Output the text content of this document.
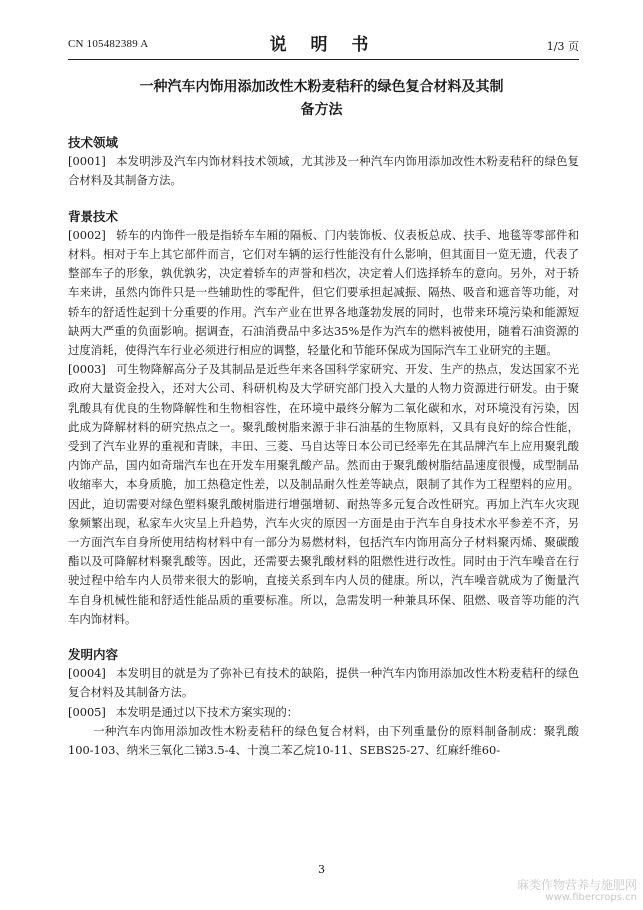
CN 105482389 A	说 明 书	1/3 页
一种汽车内饰用添加改性木粉麦秸秆的绿色复合材料及其制
备方法

技术领域

[0001] 本发明涉及汽车内饰材料技术领域，尤其涉及一种汽车内饰用添加改性木粉麦秸秆的绿色复合材料及其制备方法。

背景技术

[0002] 轿车的内饰件一般是指轿车车厢的隔板、门内装饰板、仪表板总成、扶手、地毯等零部件和材料。相对于车上其它部件而言，它们对车辆的运行性能没有什么影响，但其面目一览无遗，代表了整部车子的形象，孰优孰劣，决定着轿车的声誉和档次，决定着人们选择轿车的意向。另外，对于轿车来讲，虽然内饰件只是一些辅助性的零配件，但它们要承担起减振、隔热、吸音和遮音等功能，对轿车的舒适性起到十分重要的作用。汽车产业在世界各地蓬勃发展的同时，也带来环境污染和能源短缺两大严重的负面影响。据调查，石油消费品中多达35%是作为汽车的燃料被使用，随着石油资源的过度消耗，使得汽车行业必须进行相应的调整，轻量化和节能环保成为国际汽车工业研究的主题。

[0003] 可生物降解高分子及其制品是近些年来各国科学家研究、开发、生产的热点，发达国家不光政府大量资金投入，还对大公司、科研机构及大学研究部门投入大量的人物力资源进行研发。由于聚乳酸具有优良的生物降解性和生物相容性，在环境中最终分解为二氧化碳和水，对环境没有污染，因此成为降解材料的研究热点之一。聚乳酸树脂来源于非石油基的生物原料，又具有良好的综合性能，受到了汽车业界的重视和青睐，丰田、三菱、马自达等日本公司已经率先在其品牌汽车上应用聚乳酸内饰产品，国内如奇瑞汽车也在开发车用聚乳酸产品。然而由于聚乳酸树脂结晶速度很慢，成型制品收缩率大，本身质脆，加工热稳定性差，以及制品耐久性差等缺点，限制了其作为工程塑料的应用。因此，迫切需要对绿色塑料聚乳酸树脂进行增强增韧、耐热等多元复合改性研究。再加上汽车火灾现象频繁出现，私家车火灾呈上升趋势，汽车火灾的原因一方面是由于汽车自身技术水平参差不齐，另一方面汽车自身所使用结构材料中有一部分为易燃材料，包括汽车内饰用高分子材料聚丙烯、聚碳酸酯以及可降解材料聚乳酸等。因此，还需要去聚乳酸材料的阻燃性进行改性。同时由于汽车噪音在行驶过程中给车内人员带来很大的影响，直接关系到车内人员的健康。所以，汽车噪音就成为了衡量汽车自身机械性能和舒适性能品质的重要标准。所以，急需发明一种兼具环保、阻燃、吸音等功能的汽车内饰材料。

发明内容

[0004] 本发明目的就是为了弥补已有技术的缺陷，提供一种汽车内饰用添加改性木粉麦秸秆的绿色复合材料及其制备方法。

[0005] 本发明是通过以下技术方案实现的：

一种汽车内饰用添加改性木粉麦秸秆的绿色复合材料，由下列重量份的原料制备制成：聚乳酸100-103、纳米三氧化二锑3.5-4、十溴二苯乙烷10-11、SEBS25-27、红麻纤维60-

3
麻类作物营养与施肥网
www.fibercrops.cn
